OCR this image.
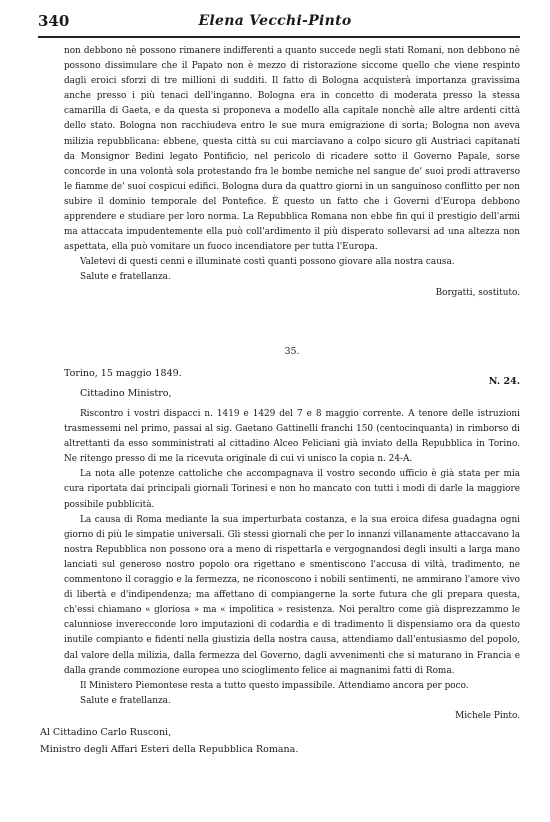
340	Elena Vecchi-Pinto

non debbono nè possono rimanere indifferenti a quanto succede negli stati Romani, non debbono nè possono dissimulare che il Papato non è mezzo di ristorazione siccome quello che viene respinto dagli eroici sforzi di tre millioni di sudditi. Il fatto di Bologna acquisterà importanza gravissima anche presso i più tenaci dell'inganno. Bologna era in concetto di moderata presso la stessa camarilla di Gaeta, e da questa si proponeva a modello alla capitale nonchè alle altre ardenti città dello stato. Bologna non racchiudeva entro le sue mura emigrazione di sorta; Bologna non aveva milizia repubblicana: ebbene, questa città su cui marciavano a colpo sicuro gli Austriaci capitanati da Monsignor Bedini legato Pontificio, nel pericolo di ricadere sotto il Governo Papale, sorse concorde in una volontà sola protestando fra le bombe nemiche nel sangue de' suoi prodi attraverso le fiamme de' suoi cospicui edifici. Bologna dura da quattro giorni in un sanguinoso conflitto per non subire il dominio temporale del Pontefice. È questo un fatto che i Governi d'Europa debbono apprendere e studiare per loro norma. La Repubblica Romana non ebbe fin qui il prestigio dell'armi ma attaccata impudentemente ella può coll'ardimento il più disperato sollevarsi ad una altezza non aspettata, ella può vomitare un fuoco incendiatore per tutta l'Europa.

Valetevi di questi cenni e illuminate costì quanti possono giovare alla nostra causa.

Salute e fratellanza.

Borgatti, sostituto.

35.
Torino, 15 maggio 1849.
N. 24.
Cittadino Ministro,

Riscontro i vostri dispacci n. 1419 e 1429 del 7 e 8 maggio corrente. A tenore delle istruzioni trasmessemi nel primo, passai al sig. Gaetano Gattinelli franchi 150 (centocinquanta) in rimborso di altrettanti da esso somministrati al cittadino Alceo Feliciani già inviato della Repubblica in Torino. Ne ritengo presso di me la ricevuta originale di cui vi unisco la copia n. 24-A.

La nota alle potenze cattoliche che accompagnava il vostro secondo ufficio è già stata per mia cura riportata dai principali giornali Torinesi e non ho mancato con tutti i modi di darle la maggiore possibile pubblicità.

La causa di Roma mediante la sua imperturbata costanza, e la sua eroica difesa guadagna ogni giorno di più le simpatie universali. Gli stessi giornali che per lo innanzi villanamente attaccavano la nostra Repubblica non possono ora a meno di rispettarla e vergognandosi degli insulti a larga mano lanciati sul generoso nostro popolo ora rigettano e smentiscono l'accusa di viltà, tradimento, ne commentono il coraggio e la fermezza, ne riconoscono i nobili sentimenti, ne ammirano l'amore vivo di libertà e d'indipendenza; ma affettano di compiangerne la sorte futura che gli prepara questa, ch'essi chiamano « gloriosa » ma « impolitica » resistenza. Noi peraltro come già disprezzammo le calunniose inverecconde loro imputazioni di codardia e di tradimento li dispensiamo ora da questo inutile compianto e fidenti nella giustizia della nostra causa, attendiamo dall'entusiasmo del popolo, dal valore della milizia, dalla fermezza del Governo, dagli avvenimenti che si maturano in Francia e dalla grande commozione europea uno scioglimento felice ai magnanimi fatti di Roma.

Il Ministero Piemontese resta a tutto questo impassibile. Attendiamo ancora per poco.

Salute e fratellanza.

Michele Pinto.

Al Cittadino Carlo Rusconi,
Ministro degli Affari Esteri della Repubblica Romana.
